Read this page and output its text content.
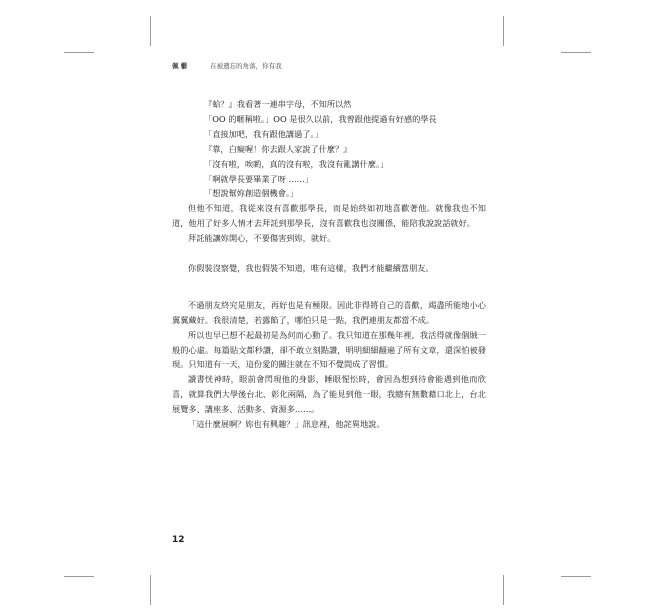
佩 藝	在被遺忘的角落，你有我

『蛤？』我看著一連串字母，不知所以然

「OO 的暱稱啦。」OO 是很久以前，我曾跟他提過有好感的學長

「直接加吧，我有跟他講過了。」

『靠，白癡喔！你去跟人家說了什麼？』

「沒有啦，唉喲，真的沒有啦，我沒有亂講什麼。」

「啊就學長要畢業了呀 ……」

「想說幫妳創造個機會。」

但他不知道，我從來沒有喜歡那學長，而是始終如初地喜歡著他。就像我也不知道，他用了好多人情才去拜託到那學長，沒有喜歡我也沒關係，能陪我說說話就好。

拜託能讓妳開心，不要傷害到妳，就好。

你假裝沒察覺，我也假裝不知道，唯有這樣，我們才能繼續當朋友。

不過朋友終究是朋友，再好也是有極限。因此非得將自己的喜歡，竭盡所能地小心翼翼藏好。我很清楚，若露餡了，哪怕只是一點，我們連朋友都當不成。

所以也早已想不起最初是為何而心動了。我只知道在那幾年裡，我活得就像個賊一般的心虛。每篇貼文都秒讚，卻不敢立刻點讚，明明細細翻遍了所有文章，還深怕被發現。只知道有一天，這份愛的關注就在不知不覺間成了習慣。

讀書恍神時，眼前會閃現他的身影，睡眼惺忪時，會因為想到待會能遇到他而欣喜，就算我們大學後台北、彰化兩隔，為了能見到他一眼，我總有無數藉口北上，台北展覽多、講座多、活動多、資源多……。

「這什麼展啊？妳也有興趣？」訊息裡，他詫異地說。

12
